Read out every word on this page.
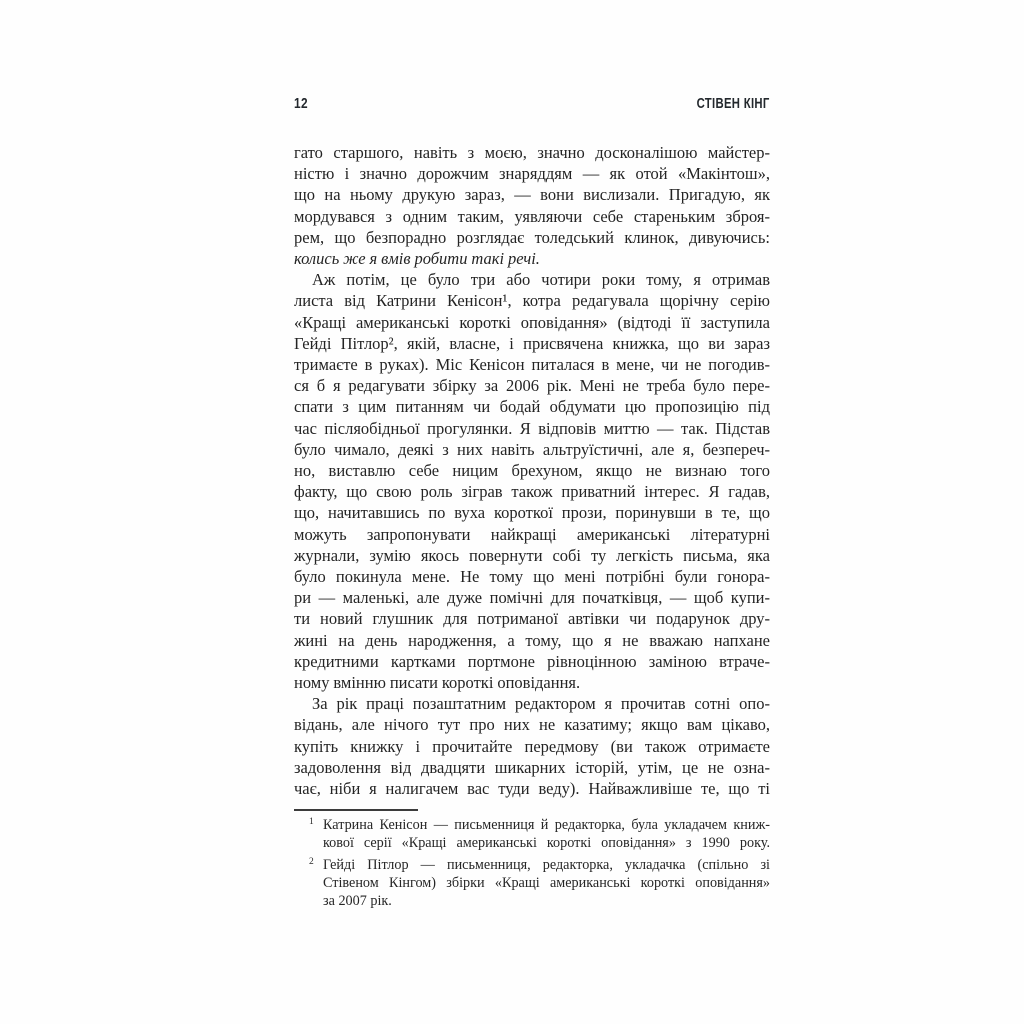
12	СТІВЕН КІНГ
гато старшого, навіть з моєю, значно досконалішою майстер-
ністю і значно дорожчим знаряддям — як отой «Макінтош»,
що на ньому друкую зараз, — вони вислизали. Пригадую, як
мордувався з одним таким, уявляючи себе стареньким зброя-
рем, що безпорадно розглядає толедський клинок, дивуючись:
колись же я вмів робити такі речі.
Аж потім, це було три або чотири роки тому, я отримав
листа від Катрини Кенісон¹, котра редагувала щорічну серію
«Кращі американські короткі оповідання» (відтоді її заступила
Гейді Пітлор², якій, власне, і присвячена книжка, що ви зараз
тримаєте в руках). Міс Кенісон питалася в мене, чи не погодив-
ся б я редагувати збірку за 2006 рік. Мені не треба було пере-
спати з цим питанням чи бодай обдумати цю пропозицію під
час післяобідньої прогулянки. Я відповів миттю — так. Підстав
було чимало, деякі з них навіть альтруїстичні, але я, безпереч-
но, виставлю себе ницим брехуном, якщо не визнаю того
факту, що свою роль зіграв також приватний інтерес. Я гадав,
що, начитавшись по вуха короткої прози, поринувши в те, що
можуть запропонувати найкращі американські літературні
журнали, зумію якось повернути собі ту легкість письма, яка
було покинула мене. Не тому що мені потрібні були гонора-
ри — маленькі, але дуже помічні для початківця, — щоб купи-
ти новий глушник для потриманої автівки чи подарунок дру-
жині на день народження, а тому, що я не вважаю напхане
кредитними картками портмоне рівноцінною заміною втраче-
ному вмінню писати короткі оповідання.
За рік праці позаштатним редактором я прочитав сотні опо-
відань, але нічого тут про них не казатиму; якщо вам цікаво,
купіть книжку і прочитайте передмову (ви також отримаєте
задоволення від двадцяти шикарних історій, утім, це не озна-
чає, ніби я налигачем вас туди веду). Найважливіше те, що ті
1 Катрина Кенісон — письменниця й редакторка, була укладачем книж-
кової серії «Кращі американські короткі оповідання» з 1990 року.
2 Гейді Пітлор — письменниця, редакторка, укладачка (спільно зі
Стівеном Кінгом) збірки «Кращі американські короткі оповідання»
за 2007 рік.
